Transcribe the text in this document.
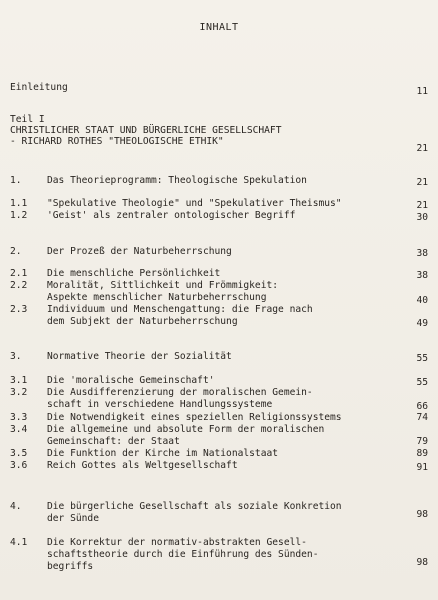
INHALT
Einleitung	11
Teil I
CHRISTLICHER STAAT UND BÜRGERLICHE GESELLSCHAFT
- RICHARD ROTHES "THEOLOGISCHE ETHIK"
21
1.	Das Theorieprogramm: Theologische Spekulation	21
1.1 "Spekulative Theologie" und "Spekulativer Theismus"	21
1.2 'Geist' als zentraler ontologischer Begriff	30
2.	Der Prozeß der Naturbeherrschung	38
2.1 Die menschliche Persönlichkeit	38
2.2 Moralität, Sittlichkeit und Frömmigkeit:
Aspekte menschlicher Naturbeherrschung	40
2.3 Individuum und Menschengattung: die Frage nach
dem Subjekt der Naturbeherrschung	49
3.	Normative Theorie der Sozialität	55
3.1 Die 'moralische Gemeinschaft'	55
3.2 Die Ausdifferenzierung der moralischen Gemein-
schaft in verschiedene Handlungssysteme	66
3.3 Die Notwendigkeit eines speziellen Religionssystems	74
3.4 Die allgemeine und absolute Form der moralischen
Gemeinschaft: der Staat	79
3.5 Die Funktion der Kirche im Nationalstaat	89
3.6 Reich Gottes als Weltgesellschaft	91
4.	Die bürgerliche Gesellschaft als soziale Konkretion
der Sünde	98
4.1 Die Korrektur der normativ-abstrakten Gesell-
schaftstheorie durch die Einführung des Sünden-
begriffs	98
